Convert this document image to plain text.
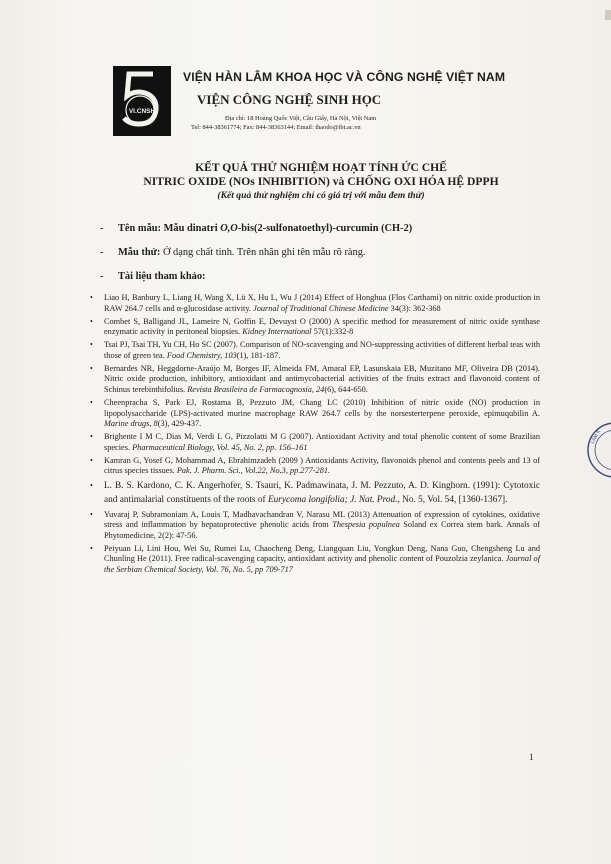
VI.CNSH
VIỆN HÀN LÂM KHOA HỌC VÀ CÔNG NGHỆ VIỆT NAM
VIỆN CÔNG NGHỆ SINH HỌC
Địa chỉ: 18 Hoàng Quốc Việt, Cầu Giấy, Hà Nội, Việt Nam
Tel: 844-38361774; Fax: 844-38363144; Email: thaodo@ibt.ac.vn
KẾT QUẢ THỬ NGHIỆM HOẠT TÍNH ỨC CHẾ
NITRIC OXIDE (NOs INHIBITION) và CHỐNG OXI HÓA HỆ DPPH
(Kết quả thử nghiệm chỉ có giá trị với mẫu đem thử)
- Tên mẫu: Mẫu dinatri O,O-bis(2-sulfonatoethyl)-curcumin (CH-2)
- Mẫu thử: Ở dạng chất tinh. Trên nhãn ghi tên mẫu rõ ràng.
- Tài liệu tham khảo:
• Liao H, Banbury L, Liang H, Wang X, Lü X, Hu L, Wu J (2014) Effect of Honghua (Flos Carthami) on nitric oxide production in RAW 264.7 cells and α-glucosidase activity. Journal of Traditional Chinese Medicine 34(3): 362-368
• Combet S, Balligand JL, Lameire N, Goffin E, Devuyst O (2000) A specific method for measurement of nitric oxide synthase enzymatic activity in peritoneal biopsies. Kidney International 57(1):332-8
• Tsai PJ, Tsai TH, Yu CH, Ho SC (2007). Comparison of NO-scavenging and NO-suppressing activities of different herbal teas with those of green tea. Food Chemistry, 103(1), 181-187.
• Bernardes NR, Heggdorne-Araújo M, Borges IF, Almeida FM, Amaral EP, Lasunskaia EB, Muzitano MF, Oliveira DB (2014). Nitric oxide production, inhibitory, antioxidant and antimycobacterial activities of the fruits extract and flavonoid content of Schinus terebinthifolius. Revista Brasileira de Farmacognosia, 24(6), 644-650.
• Cheenprachа S, Park EJ, Rostama B, Pezzuto JM, Chang LC (2010) Inhibition of nitric oxide (NO) production in lipopolysaccharide (LPS)-activated murine macrophage RAW 264.7 cells by the norsesterterpene peroxide, epimuqubilin A. Marine drugs, 8(3), 429-437.
• Brighente I M C, Dias M, Verdi L G, Pizzolatti M G (2007). Antioxidant Activity and total phenolic content of some Brazilian species. Pharmaceutical Biology, Vol. 45, No. 2, pp. 156–161
• Kamran G, Yosef G, Mohammad A, Ebrahimzadeh (2009 ) Antioxidants Activity, flavonoids phenol and contents peels and 13 of citrus species tissues. Pak. J. Pharm. Sci., Vol.22, No.3, pp.277-281.
• L. B. S. Kardono, C. K. Angerhofer, S. Tsauri, K. Padmawinata, J. M. Pezzuto, A. D. Kinghorn. (1991): Cytotoxic and antimalarial constituents of the roots of Eurycoma longifolia; J. Nat. Prod., No. 5, Vol. 54, [1360-1367].
• Yuvaraj P, Subramoniam A, Louis T, Madhavachandran V, Narasu ML (2013) Attenuation of expression of cytokines, oxidative stress and inflammation by hepatoprotective phenolic acids from Thespesia populnea Soland ex Correa stem bark. Annals of Phytomedicine, 2(2): 47-56.
• Peiyuan Li, Lini Hou, Wei Su, Rumei Lu, Chaocheng Deng, Liangquan Liu, Yongkun Deng, Nana Guo, Chengsheng Lu and Chunling He (2011). Free radical-scavenging capacity, antioxidant activity and phenolic content of Pouzolzia zeylanica. Journal of the Serbian Chemical Society, Vol. 76, No. 5, pp 709-717
1
LÂM K
